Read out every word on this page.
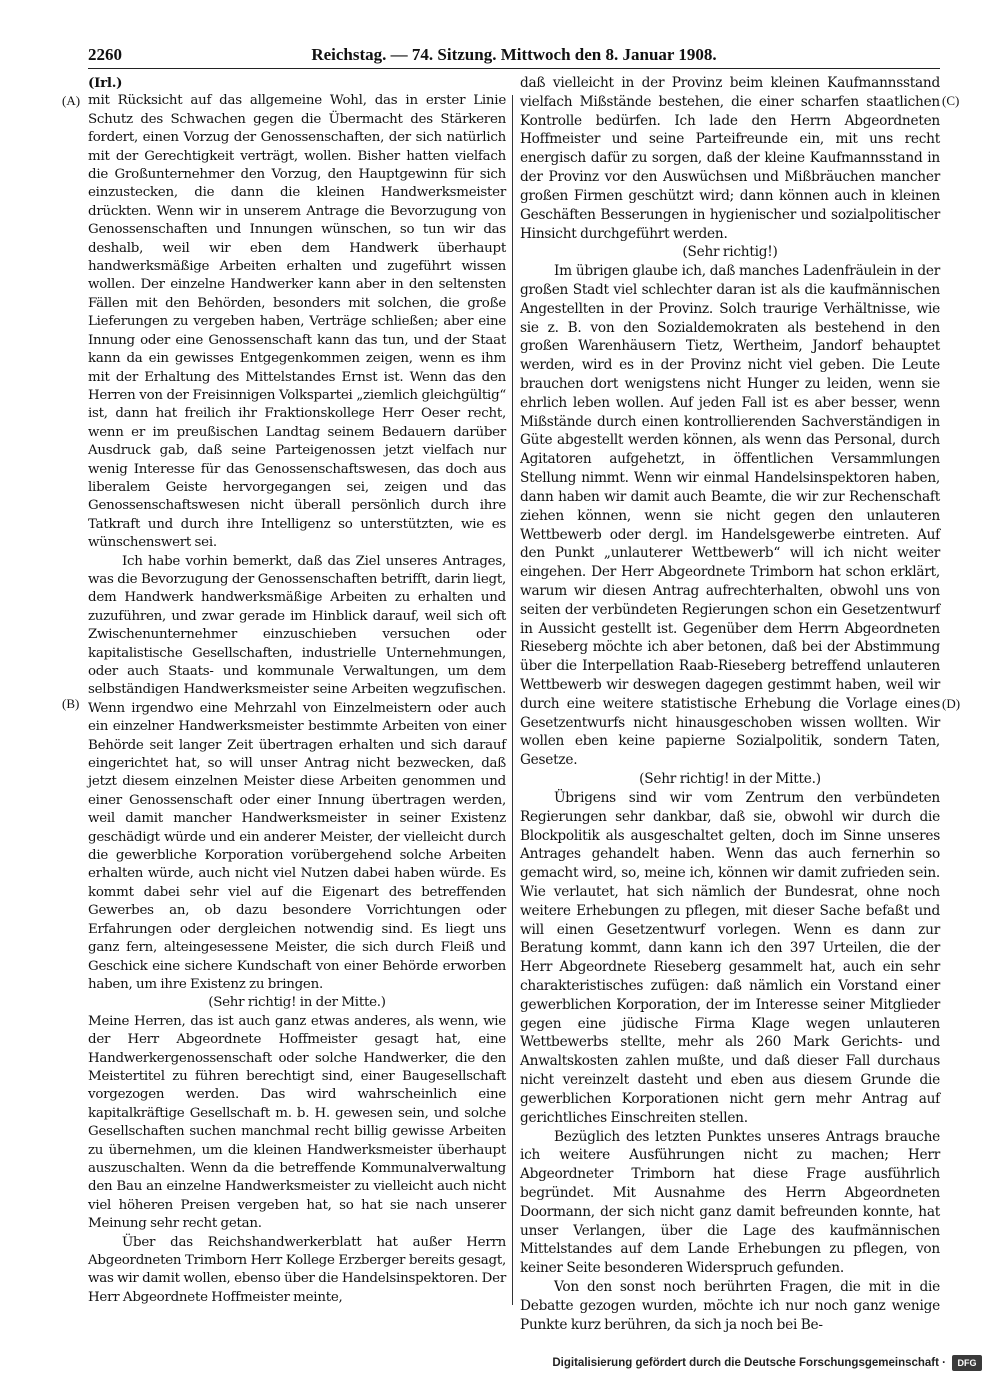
2260	Reichstag. — 74. Sitzung. Mittwoch den 8. Januar 1908.
(A)
(B)
(C)
(D)

(Irl.)

mit Rücksicht auf das allgemeine Wohl, das in erster Linie Schutz des Schwachen gegen die Übermacht des Stärkeren fordert, einen Vorzug der Genossenschaften, der sich natürlich mit der Gerechtigkeit verträgt, wollen. Bisher hatten vielfach die Großunternehmer den Vorzug, den Hauptgewinn für sich einzustecken, die dann die kleinen Handwerksmeister drückten. Wenn wir in unserem Antrage die Bevorzugung von Genossenschaften und Innungen wünschen, so tun wir das deshalb, weil wir eben dem Handwerk überhaupt handwerksmäßige Arbeiten erhalten und zugeführt wissen wollen. Der einzelne Handwerker kann aber in den seltensten Fällen mit den Behörden, besonders mit solchen, die große Lieferungen zu vergeben haben, Verträge schließen; aber eine Innung oder eine Genossenschaft kann das tun, und der Staat kann da ein gewisses Entgegenkommen zeigen, wenn es ihm mit der Erhaltung des Mittelstandes Ernst ist. Wenn das den Herren von der Freisinnigen Volkspartei „ziemlich gleichgültig“ ist, dann hat freilich ihr Fraktionskollege Herr Oeser recht, wenn er im preußischen Landtag seinem Bedauern darüber Ausdruck gab, daß seine Parteigenossen jetzt vielfach nur wenig Interesse für das Genossenschaftswesen, das doch aus liberalem Geiste hervorgegangen sei, zeigen und das Genossenschaftswesen nicht überall persönlich durch ihre Tatkraft und durch ihre Intelligenz so unterstützten, wie es wünschenswert sei.

Ich habe vorhin bemerkt, daß das Ziel unseres Antrages, was die Bevorzugung der Genossenschaften betrifft, darin liegt, dem Handwerk handwerksmäßige Arbeiten zu erhalten und zuzuführen, und zwar gerade im Hinblick darauf, weil sich oft Zwischenunternehmer einzuschieben versuchen oder kapitalistische Gesellschaften, industrielle Unternehmungen, oder auch Staats- und kommunale Verwaltungen, um dem selbständigen Handwerksmeister seine Arbeiten wegzufischen. Wenn irgendwo eine Mehrzahl von Einzelmeistern oder auch ein einzelner Handwerksmeister bestimmte Arbeiten von einer Behörde seit langer Zeit übertragen erhalten und sich darauf eingerichtet hat, so will unser Antrag nicht bezwecken, daß jetzt diesem einzelnen Meister diese Arbeiten genommen und einer Genossenschaft oder einer Innung übertragen werden, weil damit mancher Handwerksmeister in seiner Existenz geschädigt würde und ein anderer Meister, der vielleicht durch die gewerbliche Korporation vorübergehend solche Arbeiten erhalten würde, auch nicht viel Nutzen dabei haben würde. Es kommt dabei sehr viel auf die Eigenart des betreffenden Gewerbes an, ob dazu besondere Vorrichtungen oder Erfahrungen oder dergleichen notwendig sind. Es liegt uns ganz fern, alteingesessene Meister, die sich durch Fleiß und Geschick eine sichere Kundschaft von einer Behörde erworben haben, um ihre Existenz zu bringen.

(Sehr richtig! in der Mitte.)

Meine Herren, das ist auch ganz etwas anderes, als wenn, wie der Herr Abgeordnete Hoffmeister gesagt hat, eine Handwerkergenossenschaft oder solche Handwerker, die den Meistertitel zu führen berechtigt sind, einer Baugesellschaft vorgezogen werden. Das wird wahrscheinlich eine kapitalkräftige Gesellschaft m. b. H. gewesen sein, und solche Gesellschaften suchen manchmal recht billig gewisse Arbeiten zu übernehmen, um die kleinen Handwerksmeister überhaupt auszuschalten. Wenn da die betreffende Kommunalverwaltung den Bau an einzelne Handwerksmeister zu vielleicht auch nicht viel höheren Preisen vergeben hat, so hat sie nach unserer Meinung sehr recht getan.

Über das Reichshandwerkerblatt hat außer Herrn Abgeordneten Trimborn Herr Kollege Erzberger bereits gesagt, was wir damit wollen, ebenso über die Handelsinspektoren. Der Herr Abgeordnete Hoffmeister meinte,

daß vielleicht in der Provinz beim kleinen Kaufmannsstand vielfach Mißstände bestehen, die einer scharfen staatlichen Kontrolle bedürfen. Ich lade den Herrn Abgeordneten Hoffmeister und seine Parteifreunde ein, mit uns recht energisch dafür zu sorgen, daß der kleine Kaufmannsstand in der Provinz vor den Auswüchsen und Mißbräuchen mancher großen Firmen geschützt wird; dann können auch in kleinen Geschäften Besserungen in hygienischer und sozialpolitischer Hinsicht durchgeführt werden.

(Sehr richtig!)

Im übrigen glaube ich, daß manches Ladenfräulein in der großen Stadt viel schlechter daran ist als die kaufmännischen Angestellten in der Provinz. Solch traurige Verhältnisse, wie sie z. B. von den Sozialdemokraten als bestehend in den großen Warenhäusern Tietz, Wertheim, Jandorf behauptet werden, wird es in der Provinz nicht viel geben. Die Leute brauchen dort wenigstens nicht Hunger zu leiden, wenn sie ehrlich leben wollen. Auf jeden Fall ist es aber besser, wenn Mißstände durch einen kontrollierenden Sachverständigen in Güte abgestellt werden können, als wenn das Personal, durch Agitatoren aufgehetzt, in öffentlichen Versammlungen Stellung nimmt. Wenn wir einmal Handelsinspektoren haben, dann haben wir damit auch Beamte, die wir zur Rechenschaft ziehen können, wenn sie nicht gegen den unlauteren Wettbewerb oder dergl. im Handelsgewerbe eintreten. Auf den Punkt „unlauterer Wettbewerb“ will ich nicht weiter eingehen. Der Herr Abgeordnete Trimborn hat schon erklärt, warum wir diesen Antrag aufrechterhalten, obwohl uns von seiten der verbündeten Regierungen schon ein Gesetzentwurf in Aussicht gestellt ist. Gegenüber dem Herrn Abgeordneten Rieseberg möchte ich aber betonen, daß bei der Abstimmung über die Interpellation Raab-Rieseberg betreffend unlauteren Wettbewerb wir deswegen dagegen gestimmt haben, weil wir durch eine weitere statistische Erhebung die Vorlage eines Gesetzentwurfs nicht hinausgeschoben wissen wollten. Wir wollen eben keine papierne Sozialpolitik, sondern Taten, Gesetze.

(Sehr richtig! in der Mitte.)

Übrigens sind wir vom Zentrum den verbündeten Regierungen sehr dankbar, daß sie, obwohl wir durch die Blockpolitik als ausgeschaltet gelten, doch im Sinne unseres Antrages gehandelt haben. Wenn das auch fernerhin so gemacht wird, so, meine ich, können wir damit zufrieden sein. Wie verlautet, hat sich nämlich der Bundesrat, ohne noch weitere Erhebungen zu pflegen, mit dieser Sache befaßt und will einen Gesetzentwurf vorlegen. Wenn es dann zur Beratung kommt, dann kann ich den 397 Urteilen, die der Herr Abgeordnete Rieseberg gesammelt hat, auch ein sehr charakteristisches zufügen: daß nämlich ein Vorstand einer gewerblichen Korporation, der im Interesse seiner Mitglieder gegen eine jüdische Firma Klage wegen unlauteren Wettbewerbs stellte, mehr als 260 Mark Gerichts- und Anwaltskosten zahlen mußte, und daß dieser Fall durchaus nicht vereinzelt dasteht und eben aus diesem Grunde die gewerblichen Korporationen nicht gern mehr Antrag auf gerichtliches Einschreiten stellen.

Bezüglich des letzten Punktes unseres Antrags brauche ich weitere Ausführungen nicht zu machen; Herr Abgeordneter Trimborn hat diese Frage ausführlich begründet. Mit Ausnahme des Herrn Abgeordneten Doormann, der sich nicht ganz damit befreunden konnte, hat unser Verlangen, über die Lage des kaufmännischen Mittelstandes auf dem Lande Erhebungen zu pflegen, von keiner Seite besonderen Widerspruch gefunden.

Von den sonst noch berührten Fragen, die mit in die Debatte gezogen wurden, möchte ich nur noch ganz wenige Punkte kurz berühren, da sich ja noch bei Be-

Digitalisierung gefördert durch die Deutsche Forschungsgemeinschaft ·	DFG
